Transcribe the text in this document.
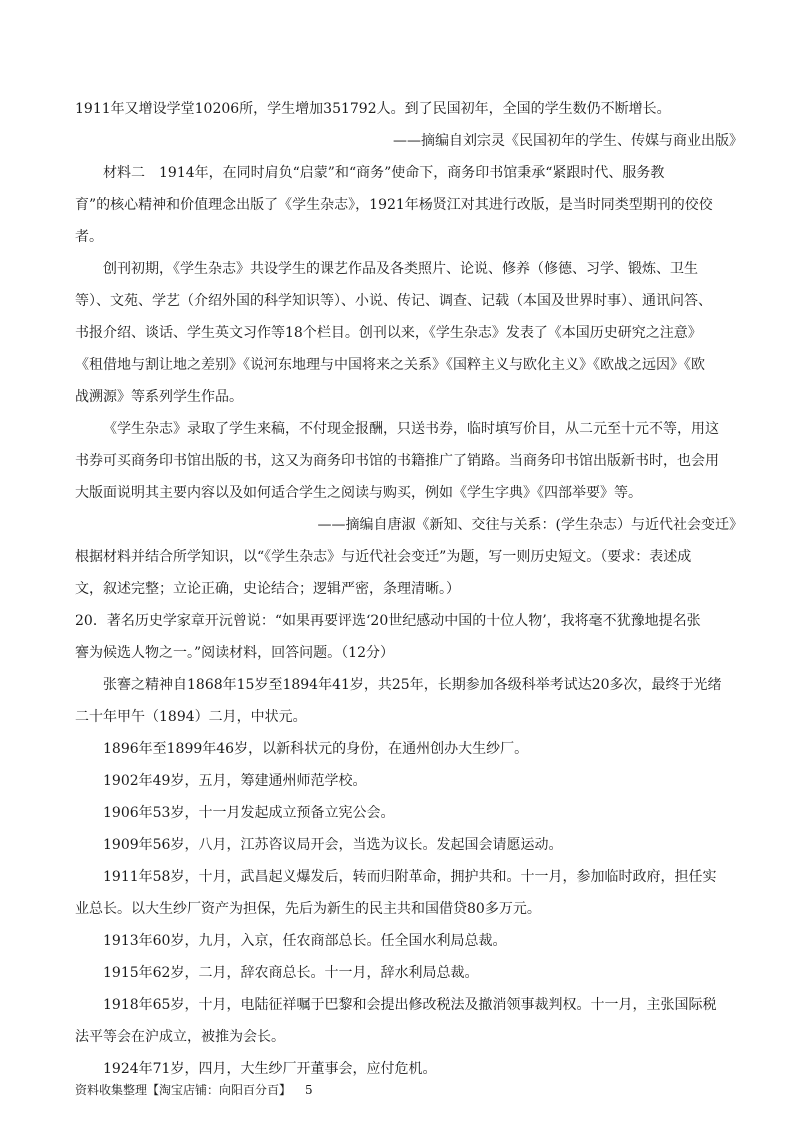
1911年又增设学堂10206所，学生增加351792人。到了民国初年，全国的学生数仍不断增长。
——摘编自刘宗灵《民国初年的学生、传媒与商业出版》
材料二　1914年，在同时肩负“启蒙”和“商务”使命下，商务印书馆秉承“紧跟时代、服务教
育”的核心精神和价值理念出版了《学生杂志》，1921年杨贤江对其进行改版，是当时同类型期刊的佼佼
者。
创刊初期，《学生杂志》共设学生的课艺作品及各类照片、论说、修养（修德、习学、锻炼、卫生
等）、文苑、学艺（介绍外国的科学知识等）、小说、传记、调查、记载（本国及世界时事）、通讯问答、
书报介绍、谈话、学生英文习作等18个栏目。创刊以来，《学生杂志》发表了《本国历史研究之注意》
《租借地与割让地之差别》《说河东地理与中国将来之关系》《国粹主义与欧化主义》《欧战之远因》《欧
战溯源》等系列学生作品。
《学生杂志》录取了学生来稿，不付现金报酬，只送书券，临时填写价目，从二元至十元不等，用这
书券可买商务印书馆出版的书，这又为商务印书馆的书籍推广了销路。当商务印书馆出版新书时，也会用
大版面说明其主要内容以及如何适合学生之阅读与购买，例如《学生字典》《四部举要》等。
——摘编自唐淑《新知、交往与关系：(学生杂志）与近代社会变迁》
根据材料并结合所学知识，以“《学生杂志》与近代社会变迁”为题，写一则历史短文。（要求：表述成
文，叙述完整；立论正确，史论结合；逻辑严密，条理清晰。）
20．著名历史学家章开沅曾说：“如果再要评选‘20世纪感动中国的十位人物’，我将毫不犹豫地提名张
謇为候选人物之一。”阅读材料，回答问题。（12分）
张謇之精神自1868年15岁至1894年41岁，共25年，长期参加各级科举考试达20多次，最终于光绪
二十年甲午（1894）二月，中状元。
1896年至1899年46岁，以新科状元的身份，在通州创办大生纱厂。
1902年49岁，五月，筹建通州师范学校。
1906年53岁，十一月发起成立预备立宪公会。
1909年56岁，八月，江苏咨议局开会，当选为议长。发起国会请愿运动。
1911年58岁，十月，武昌起义爆发后，转而归附革命，拥护共和。十一月，参加临时政府，担任实
业总长。以大生纱厂资产为担保，先后为新生的民主共和国借贷80多万元。
1913年60岁，九月，入京，任农商部总长。任全国水利局总裁。
1915年62岁，二月，辞农商总长。十一月，辞水利局总裁。
1918年65岁，十月，电陆征祥嘱于巴黎和会提出修改税法及撤消领事裁判权。十一月，主张国际税
法平等会在沪成立，被推为会长。
1924年71岁，四月，大生纱厂开董事会，应付危机。
资料收集整理【淘宝店铺：向阳百分百】 5
